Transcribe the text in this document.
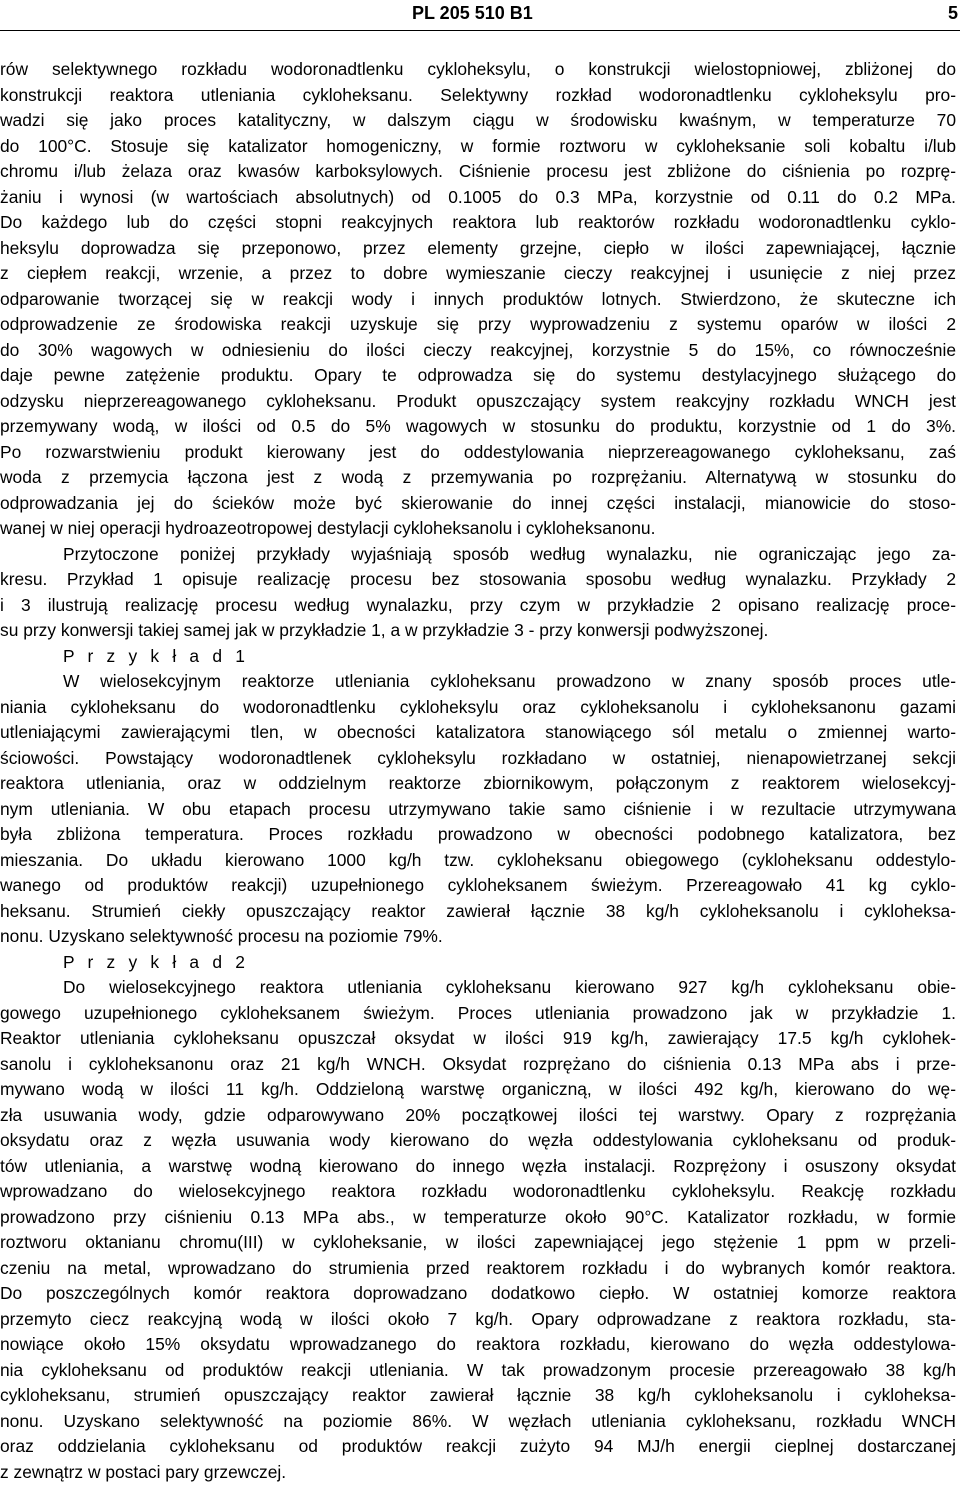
PL 205 510 B1	5
rów selektywnego rozkładu wodoronadtlenku cykloheksylu, o konstrukcji wielostopniowej, zbliżonej do
konstrukcji reaktora utleniania cykloheksanu. Selektywny rozkład wodoronadtlenku cykloheksylu pro-
wadzi się jako proces katalityczny, w dalszym ciągu w środowisku kwaśnym, w temperaturze 70
do 100°C. Stosuje się katalizator homogeniczny, w formie roztworu w cykloheksanie soli kobaltu i/lub
chromu i/lub żelaza oraz kwasów karboksylowych. Ciśnienie procesu jest zbliżone do ciśnienia po rozprę-
żaniu i wynosi (w wartościach absolutnych) od 0.1005 do 0.3 MPa, korzystnie od 0.11 do 0.2 MPa.
Do każdego lub do części stopni reakcyjnych reaktora lub reaktorów rozkładu wodoronadtlenku cyklo-
heksylu doprowadza się przeponowo, przez elementy grzejne, ciepło w ilości zapewniającej, łącznie
z ciepłem reakcji, wrzenie, a przez to dobre wymieszanie cieczy reakcyjnej i usunięcie z niej przez
odparowanie tworzącej się w reakcji wody i innych produktów lotnych. Stwierdzono, że skuteczne ich
odprowadzenie ze środowiska reakcji uzyskuje się przy wyprowadzeniu z systemu oparów w ilości 2
do 30% wagowych w odniesieniu do ilości cieczy reakcyjnej, korzystnie 5 do 15%, co równocześnie
daje pewne zatężenie produktu. Opary te odprowadza się do systemu destylacyjnego służącego do
odzysku nieprzereagowanego cykloheksanu. Produkt opuszczający system reakcyjny rozkładu WNCH jest
przemywany wodą, w ilości od 0.5 do 5% wagowych w stosunku do produktu, korzystnie od 1 do 3%.
Po rozwarstwieniu produkt kierowany jest do oddestylowania nieprzereagowanego cykloheksanu, zaś
woda z przemycia łączona jest z wodą z przemywania po rozprężaniu. Alternatywą w stosunku do
odprowadzania jej do ścieków może być skierowanie do innej części instalacji, mianowicie do stoso-
wanej w niej operacji hydroazeotropowej destylacji cykloheksanolu i cykloheksanonu.
Przytoczone poniżej przykłady wyjaśniają sposób według wynalazku, nie ograniczając jego za-
kresu. Przykład 1 opisuje realizację procesu bez stosowania sposobu według wynalazku. Przykłady 2
i 3 ilustrują realizację procesu według wynalazku, przy czym w przykładzie 2 opisano realizację proce-
su przy konwersji takiej samej jak w przykładzie 1, a w przykładzie 3 - przy konwersji podwyższonej.
P r z y k ł a d 1
W wielosekcyjnym reaktorze utleniania cykloheksanu prowadzono w znany sposób proces utle-
niania cykloheksanu do wodoronadtlenku cykloheksylu oraz cykloheksanolu i cykloheksanonu gazami
utleniającymi zawierającymi tlen, w obecności katalizatora stanowiącego sól metalu o zmiennej warto-
ściowości. Powstający wodoronadtlenek cykloheksylu rozkładano w ostatniej, nienapowietrzanej sekcji
reaktora utleniania, oraz w oddzielnym reaktorze zbiornikowym, połączonym z reaktorem wielosekcyj-
nym utleniania. W obu etapach procesu utrzymywano takie samo ciśnienie i w rezultacie utrzymywana
była zbliżona temperatura. Proces rozkładu prowadzono w obecności podobnego katalizatora, bez
mieszania. Do układu kierowano 1000 kg/h tzw. cykloheksanu obiegowego (cykloheksanu oddestylo-
wanego od produktów reakcji) uzupełnionego cykloheksanem świeżym. Przereagowało 41 kg cyklo-
heksanu. Strumień ciekły opuszczający reaktor zawierał łącznie 38 kg/h cykloheksanolu i cykloheksa-
nonu. Uzyskano selektywność procesu na poziomie 79%.
P r z y k ł a d 2
Do wielosekcyjnego reaktora utleniania cykloheksanu kierowano 927 kg/h cykloheksanu obie-
gowego uzupełnionego cykloheksanem świeżym. Proces utleniania prowadzono jak w przykładzie 1.
Reaktor utleniania cykloheksanu opuszczał oksydat w ilości 919 kg/h, zawierający 17.5 kg/h cyklohek-
sanolu i cykloheksanonu oraz 21 kg/h WNCH. Oksydat rozprężano do ciśnienia 0.13 MPa abs i prze-
mywano wodą w ilości 11 kg/h. Oddzieloną warstwę organiczną, w ilości 492 kg/h, kierowano do wę-
zła usuwania wody, gdzie odparowywano 20% początkowej ilości tej warstwy. Opary z rozprężania
oksydatu oraz z węzła usuwania wody kierowano do węzła oddestylowania cykloheksanu od produk-
tów utleniania, a warstwę wodną kierowano do innego węzła instalacji. Rozprężony i osuszony oksydat
wprowadzano do wielosekcyjnego reaktora rozkładu wodoronadtlenku cykloheksylu. Reakcję rozkładu
prowadzono przy ciśnieniu 0.13 MPa abs., w temperaturze około 90°C. Katalizator rozkładu, w formie
roztworu oktanianu chromu(III) w cykloheksanie, w ilości zapewniającej jego stężenie 1 ppm w przeli-
czeniu na metal, wprowadzano do strumienia przed reaktorem rozkładu i do wybranych komór reaktora.
Do poszczególnych komór reaktora doprowadzano dodatkowo ciepło. W ostatniej komorze reaktora
przemyto ciecz reakcyjną wodą w ilości około 7 kg/h. Opary odprowadzane z reaktora rozkładu, sta-
nowiące około 15% oksydatu wprowadzanego do reaktora rozkładu, kierowano do węzła oddestylowa-
nia cykloheksanu od produktów reakcji utleniania. W tak prowadzonym procesie przereagowało 38 kg/h
cykloheksanu, strumień opuszczający reaktor zawierał łącznie 38 kg/h cykloheksanolu i cykloheksa-
nonu. Uzyskano selektywność na poziomie 86%. W węzłach utleniania cykloheksanu, rozkładu WNCH
oraz oddzielania cykloheksanu od produktów reakcji zużyto 94 MJ/h energii cieplnej dostarczanej
z zewnątrz w postaci pary grzewczej.
